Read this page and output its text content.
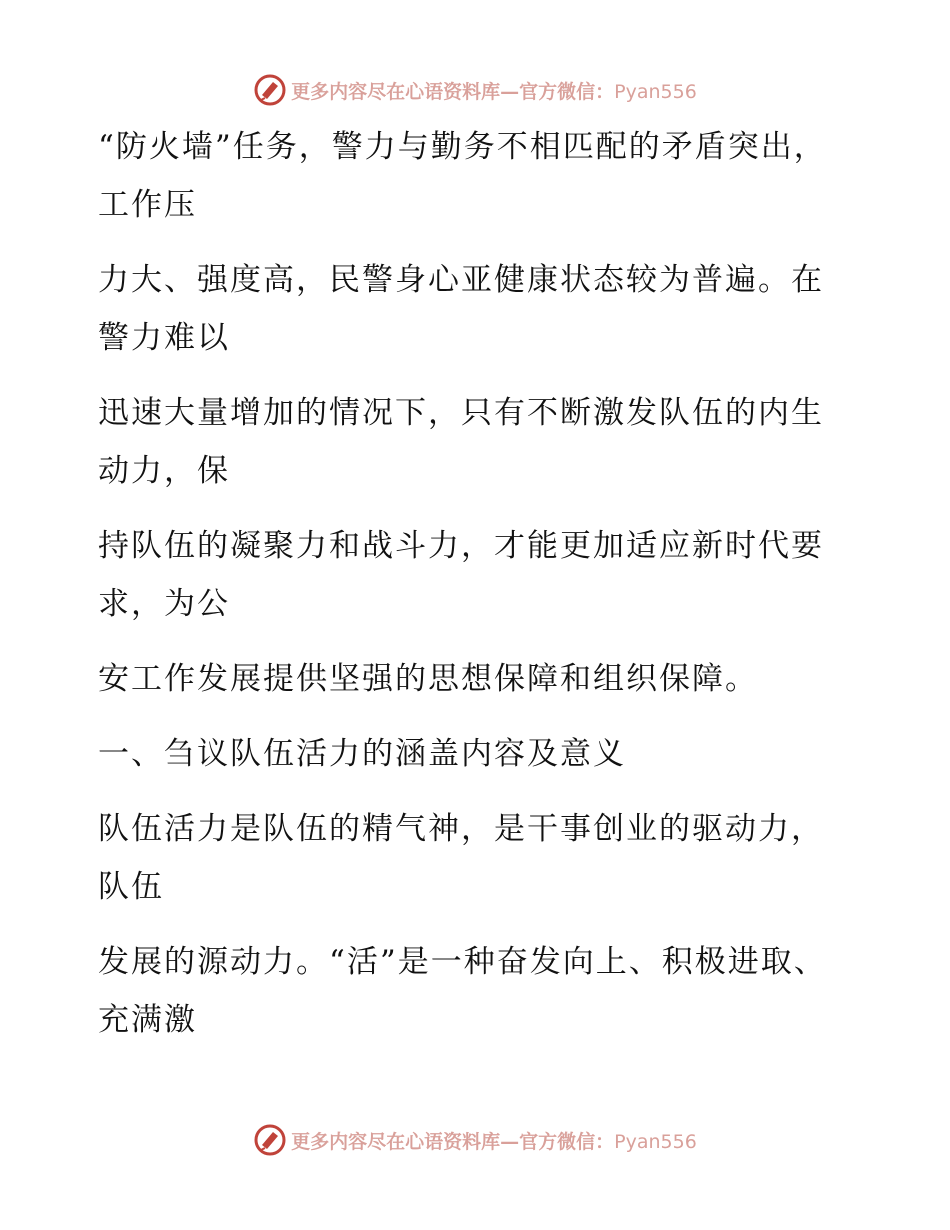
更多内容尽在心语资料库—官方微信：Pyan556

“防火墙”任务，警力与勤务不相匹配的矛盾突出，工作压

力大、强度高，民警身心亚健康状态较为普遍。在警力难以

迅速大量增加的情况下，只有不断激发队伍的内生动力，保

持队伍的凝聚力和战斗力，才能更加适应新时代要求，为公

安工作发展提供坚强的思想保障和组织保障。

一、刍议队伍活力的涵盖内容及意义

队伍活力是队伍的精气神，是干事创业的驱动力，队伍

发展的源动力。“活”是一种奋发向上、积极进取、充满激

更多内容尽在心语资料库—官方微信：Pyan556
